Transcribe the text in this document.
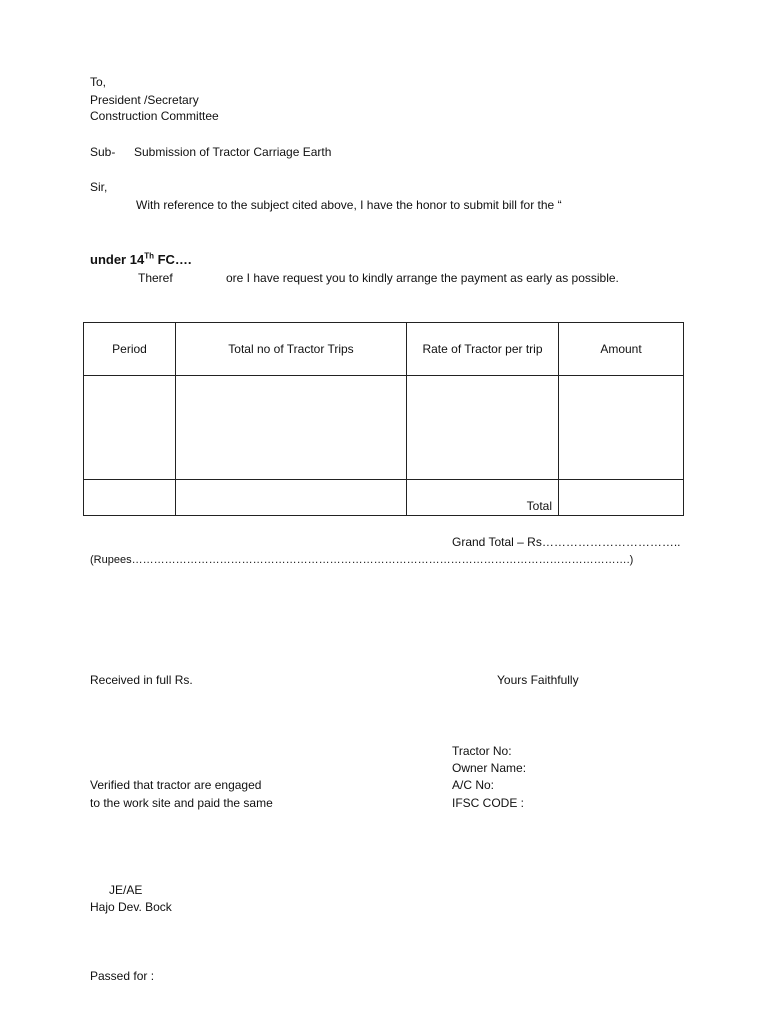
To,
President /Secretary
Construction Committee
Sub- Submission of Tractor Carriage Earth
Sir,
With reference to the subject cited above, I have the honor to submit bill for the “
under 14Th FC….
Theref	ore I have request you to kindly arrange the payment as early as possible.
Period	Total no of Tractor Trips	Rate of Tractor per trip	Amount

		Total	
Grand Total – Rs……………………………..
(Rupees……………………………………………………………………………………………………………………….)
Received in full Rs.	Yours Faithfully
Tractor No:
Owner Name:
A/C No:
IFSC CODE :
Verified that tractor are engaged
to the work site and paid the same
JE/AE
Hajo Dev. Bock
Passed for :
